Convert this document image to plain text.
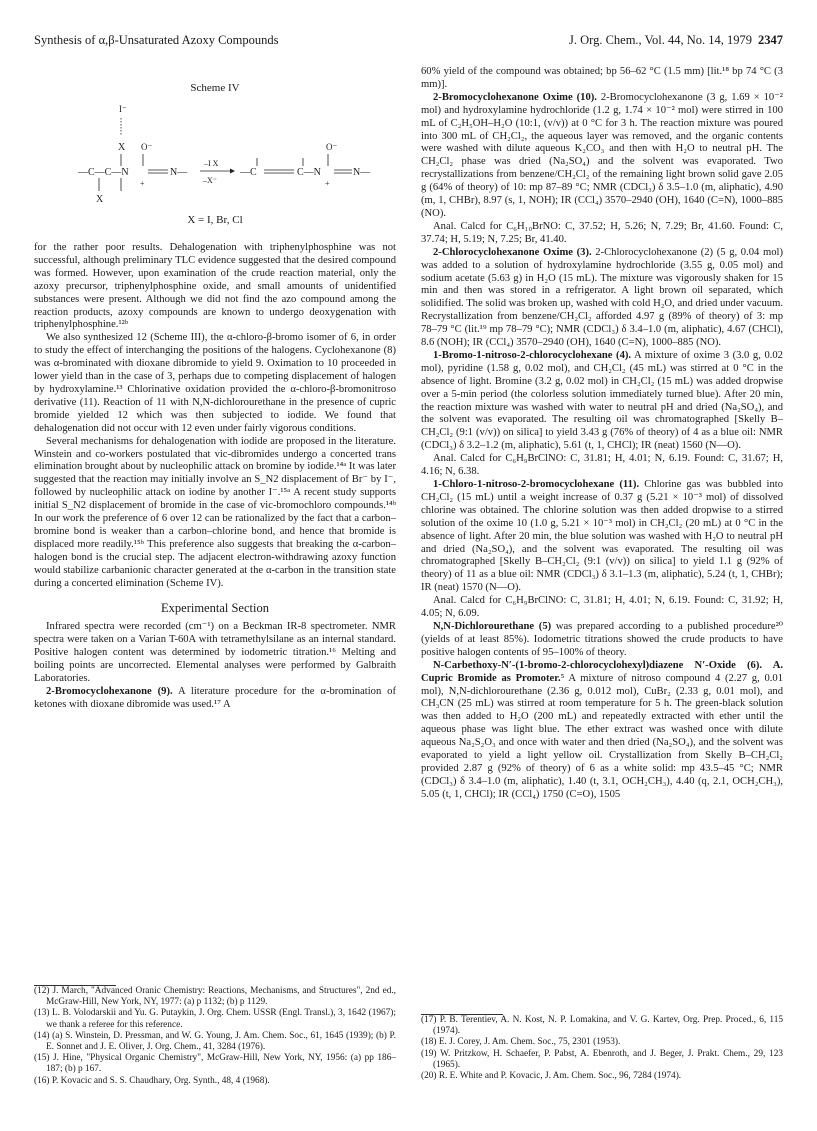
Synthesis of α,β-Unsaturated Azoxy Compounds	J. Org. Chem., Vol. 44, No. 14, 1979 2347
Scheme IV
I⁻
X O⁻
—C—C—N	N—
+
X
–I X
–X⁻
O⁻
—C	C—N	N—
+
X = I, Br, Cl

for the rather poor results. Dehalogenation with triphenylphosphine was not successful, although preliminary TLC evidence suggested that the desired compound was formed. However, upon examination of the crude reaction material, only the azoxy precursor, triphenylphosphine oxide, and small amounts of unidentified substances were present. Although we did not find the azo compound among the reaction products, azoxy compounds are known to undergo deoxygenation with triphenylphosphine.¹²ᵇ

We also synthesized 12 (Scheme III), the α-chloro-β-bromo isomer of 6, in order to study the effect of interchanging the positions of the halogens. Cyclohexanone (8) was α-brominated with dioxane dibromide to yield 9. Oximation to 10 proceeded in lower yield than in the case of 3, perhaps due to competing displacement of halogen by hydroxylamine.¹³ Chlorinative oxidation provided the α-chloro-β-bromonitroso derivative (11). Reaction of 11 with N,N-dichlorourethane in the presence of cupric bromide yielded 12 which was then subjected to iodide. We found that dehalogenation did not occur with 12 even under fairly vigorous conditions.

Several mechanisms for dehalogenation with iodide are proposed in the literature. Winstein and co-workers postulated that vic-dibromides undergo a concerted trans elimination brought about by nucleophilic attack on bromine by iodide.¹⁴ᵃ It was later suggested that the reaction may initially involve an S_N2 displacement of Br⁻ by I⁻, followed by nucleophilic attack on iodine by another I⁻.¹⁵ᵃ A recent study supports initial S_N2 displacement of bromide in the case of vic-bromochloro compounds.¹⁴ᵇ In our work the preference of 6 over 12 can be rationalized by the fact that a carbon–bromine bond is weaker than a carbon–chlorine bond, and hence that bromide is displaced more readily.¹⁵ᵇ This preference also suggests that breaking the α-carbon–halogen bond is the crucial step. The adjacent electron-withdrawing azoxy function would stabilize carbanionic character generated at the α-carbon in the transition state during a concerted elimination (Scheme IV).

Experimental Section

Infrared spectra were recorded (cm⁻¹) on a Beckman IR-8 spectrometer. NMR spectra were taken on a Varian T-60A with tetramethylsilane as an internal standard. Positive halogen content was determined by iodometric titration.¹⁶ Melting and boiling points are uncorrected. Elemental analyses were performed by Galbraith Laboratories.

2-Bromocyclohexanone (9). A literature procedure for the α-bromination of ketones with dioxane dibromide was used.¹⁷ A

(12) J. March, "Advanced Oranic Chemistry: Reactions, Mechanisms, and Structures", 2nd ed., McGraw-Hill, New York, NY, 1977: (a) p 1132; (b) p 1129.
(13) L. B. Volodarskii and Yu. G. Putaykin, J. Org. Chem. USSR (Engl. Transl.), 3, 1642 (1967); we thank a referee for this reference.
(14) (a) S. Winstein, D. Pressman, and W. G. Young, J. Am. Chem. Soc., 61, 1645 (1939); (b) P. E. Sonnet and J. E. Oliver, J. Org. Chem., 41, 3284 (1976).
(15) J. Hine, "Physical Organic Chemistry", McGraw-Hill, New York, NY, 1956: (a) pp 186–187; (b) p 167.
(16) P. Kovacic and S. S. Chaudhary, Org. Synth., 48, 4 (1968).

60% yield of the compound was obtained; bp 56–62 °C (1.5 mm) [lit.¹⁸ bp 74 °C (3 mm)].

2-Bromocyclohexanone Oxime (10). 2-Bromocyclohexanone (3 g, 1.69 × 10⁻² mol) and hydroxylamine hydrochloride (1.2 g, 1.74 × 10⁻² mol) were stirred in 100 mL of C₂H₅OH–H₂O (10:1, (v/v)) at 0 °C for 3 h. The reaction mixture was poured into 300 mL of CH₂Cl₂, the aqueous layer was removed, and the organic contents were washed with dilute aqueous K₂CO₃ and then with H₂O to neutral pH. The CH₂Cl₂ phase was dried (Na₂SO₄) and the solvent was evaporated. Two recrystallizations from benzene/CH₂Cl₂ of the remaining light brown solid gave 2.05 g (64% of theory) of 10: mp 87–89 °C; NMR (CDCl₃) δ 3.5–1.0 (m, aliphatic), 4.90 (m, 1, CHBr), 8.97 (s, 1, NOH); IR (CCl₄) 3570–2940 (OH), 1640 (C=N), 1000–885 (NO).

Anal. Calcd for C₆H₁₀BrNO: C, 37.52; H, 5.26; N, 7.29; Br, 41.60. Found: C, 37.74; H, 5.19; N, 7.25; Br, 41.40.

2-Chlorocyclohexanone Oxime (3). 2-Chlorocyclohexanone (2) (5 g, 0.04 mol) was added to a solution of hydroxylamine hydrochloride (3.55 g, 0.05 mol) and sodium acetate (5.63 g) in H₂O (15 mL). The mixture was vigorously shaken for 15 min and then was stored in a refrigerator. A light brown oil separated, which solidified. The solid was broken up, washed with cold H₂O, and dried under vacuum. Recrystallization from benzene/CH₂Cl₂ afforded 4.97 g (89% of theory) of 3: mp 78–79 °C (lit.¹⁹ mp 78–79 °C); NMR (CDCl₃) δ 3.4–1.0 (m, aliphatic), 4.67 (CHCl), 8.6 (NOH); IR (CCl₄) 3570–2940 (OH), 1640 (C=N), 1000–885 (NO).

1-Bromo-1-nitroso-2-chlorocyclohexane (4). A mixture of oxime 3 (3.0 g, 0.02 mol), pyridine (1.58 g, 0.02 mol), and CH₂Cl₂ (45 mL) was stirred at 0 °C in the absence of light. Bromine (3.2 g, 0.02 mol) in CH₂Cl₂ (15 mL) was added dropwise over a 5-min period (the colorless solution immediately turned blue). After 20 min, the reaction mixture was washed with water to neutral pH and dried (Na₂SO₄), and the solvent was evaporated. The resulting oil was chromatographed [Skelly B–CH₂Cl₂ (9:1 (v/v)) on silica] to yield 3.43 g (76% of theory) of 4 as a blue oil: NMR (CDCl₃) δ 3.2–1.2 (m, aliphatic), 5.61 (t, 1, CHCl); IR (neat) 1560 (N—O).

Anal. Calcd for C₆H₉BrClNO: C, 31.81; H, 4.01; N, 6.19. Found: C, 31.67; H, 4.16; N, 6.38.

1-Chloro-1-nitroso-2-bromocyclohexane (11). Chlorine gas was bubbled into CH₂Cl₂ (15 mL) until a weight increase of 0.37 g (5.21 × 10⁻³ mol) of dissolved chlorine was obtained. The chlorine solution was then added dropwise to a stirred solution of the oxime 10 (1.0 g, 5.21 × 10⁻³ mol) in CH₂Cl₂ (20 mL) at 0 °C in the absence of light. After 20 min, the blue solution was washed with H₂O to neutral pH and dried (Na₂SO₄), and the solvent was evaporated. The resulting oil was chromatographed [Skelly B–CH₂Cl₂ (9:1 (v/v)) on silica] to yield 1.1 g (92% of theory) of 11 as a blue oil: NMR (CDCl₃) δ 3.1–1.3 (m, aliphatic), 5.24 (t, 1, CHBr); IR (neat) 1570 (N—O).

Anal. Calcd for C₆H₉BrClNO: C, 31.81; H, 4.01; N, 6.19. Found: C, 31.92; H, 4.05; N, 6.09.

N,N-Dichlorourethane (5) was prepared according to a published procedure²⁰ (yields of at least 85%). Iodometric titrations showed the crude products to have positive halogen contents of 95–100% of theory.

N-Carbethoxy-N′-(1-bromo-2-chlorocyclohexyl)diazene N′-Oxide (6). A. Cupric Bromide as Promoter.⁵ A mixture of nitroso compound 4 (2.27 g, 0.01 mol), N,N-dichlorourethane (2.36 g, 0.012 mol), CuBr₂ (2.33 g, 0.01 mol), and CH₃CN (25 mL) was stirred at room temperature for 5 h. The green-black solution was then added to H₂O (200 mL) and repeatedly extracted with ether until the aqueous phase was light blue. The ether extract was washed once with dilute aqueous Na₂S₂O₃ and once with water and then dried (Na₂SO₄), and the solvent was evaporated to yield a light yellow oil. Crystallization from Skelly B–CH₂Cl₂ provided 2.87 g (92% of theory) of 6 as a white solid: mp 43.5–45 °C; NMR (CDCl₃) δ 3.4–1.0 (m, aliphatic), 1.40 (t, 3.1, OCH₂CH₃), 4.40 (q, 2.1, OCH₂CH₃), 5.05 (t, 1, CHCl); IR (CCl₄) 1750 (C=O), 1505

(17) P. B. Terentiev, A. N. Kost, N. P. Lomakina, and V. G. Kartev, Org. Prep. Proced., 6, 115 (1974).
(18) E. J. Corey, J. Am. Chem. Soc., 75, 2301 (1953).
(19) W. Pritzkow, H. Schaefer, P. Pabst, A. Ebenroth, and J. Beger, J. Prakt. Chem., 29, 123 (1965).
(20) R. E. White and P. Kovacic, J. Am. Chem. Soc., 96, 7284 (1974).
